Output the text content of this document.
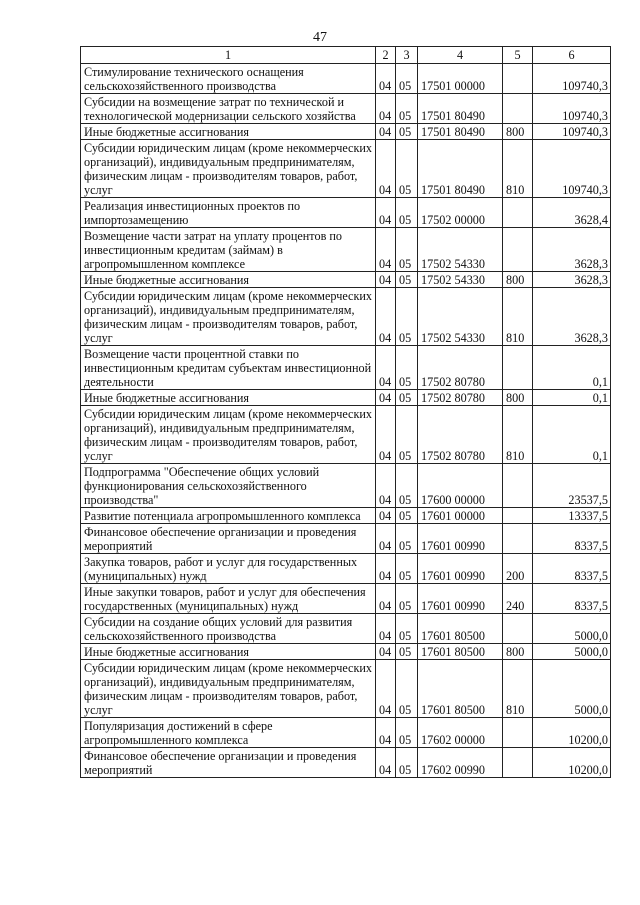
47
1	2	3	4	5	6
Стимулирование технического оснащения сельскохозяйственного производства	04	05	17501 00000		109740,3
Субсидии на возмещение затрат по технической и технологической модернизации сельского хозяйства	04	05	17501 80490		109740,3
Иные бюджетные ассигнования	04	05	17501 80490	800	109740,3
Субсидии юридическим лицам (кроме некоммерческих организаций), индивидуальным предпринимателям, физическим лицам - производителям товаров, работ, услуг	04	05	17501 80490	810	109740,3
Реализация инвестиционных проектов по импортозамещению	04	05	17502 00000		3628,4
Возмещение части затрат на уплату процентов по инвестиционным кредитам (займам) в агропромышленном комплексе	04	05	17502 54330		3628,3
Иные бюджетные ассигнования	04	05	17502 54330	800	3628,3
Субсидии юридическим лицам (кроме некоммерческих организаций), индивидуальным предпринимателям, физическим лицам - производителям товаров, работ, услуг	04	05	17502 54330	810	3628,3
Возмещение части процентной ставки по инвестиционным кредитам субъектам инвестиционной деятельности	04	05	17502 80780		0,1
Иные бюджетные ассигнования	04	05	17502 80780	800	0,1
Субсидии юридическим лицам (кроме некоммерческих организаций), индивидуальным предпринимателям, физическим лицам - производителям товаров, работ, услуг	04	05	17502 80780	810	0,1
Подпрограмма "Обеспечение общих условий функционирования сельскохозяйственного производства"	04	05	17600 00000		23537,5
Развитие потенциала агропромышленного комплекса	04	05	17601 00000		13337,5
Финансовое обеспечение организации и проведения мероприятий	04	05	17601 00990		8337,5
Закупка товаров, работ и услуг для государственных (муниципальных) нужд	04	05	17601 00990	200	8337,5
Иные закупки товаров, работ и услуг для обеспечения государственных (муниципальных) нужд	04	05	17601 00990	240	8337,5
Субсидии на создание общих условий для развития сельскохозяйственного производства	04	05	17601 80500		5000,0
Иные бюджетные ассигнования	04	05	17601 80500	800	5000,0
Субсидии юридическим лицам (кроме некоммерческих организаций), индивидуальным предпринимателям, физическим лицам - производителям товаров, работ, услуг	04	05	17601 80500	810	5000,0
Популяризация достижений в сфере агропромышленного комплекса	04	05	17602 00000		10200,0
Финансовое обеспечение организации и проведения мероприятий	04	05	17602 00990		10200,0
